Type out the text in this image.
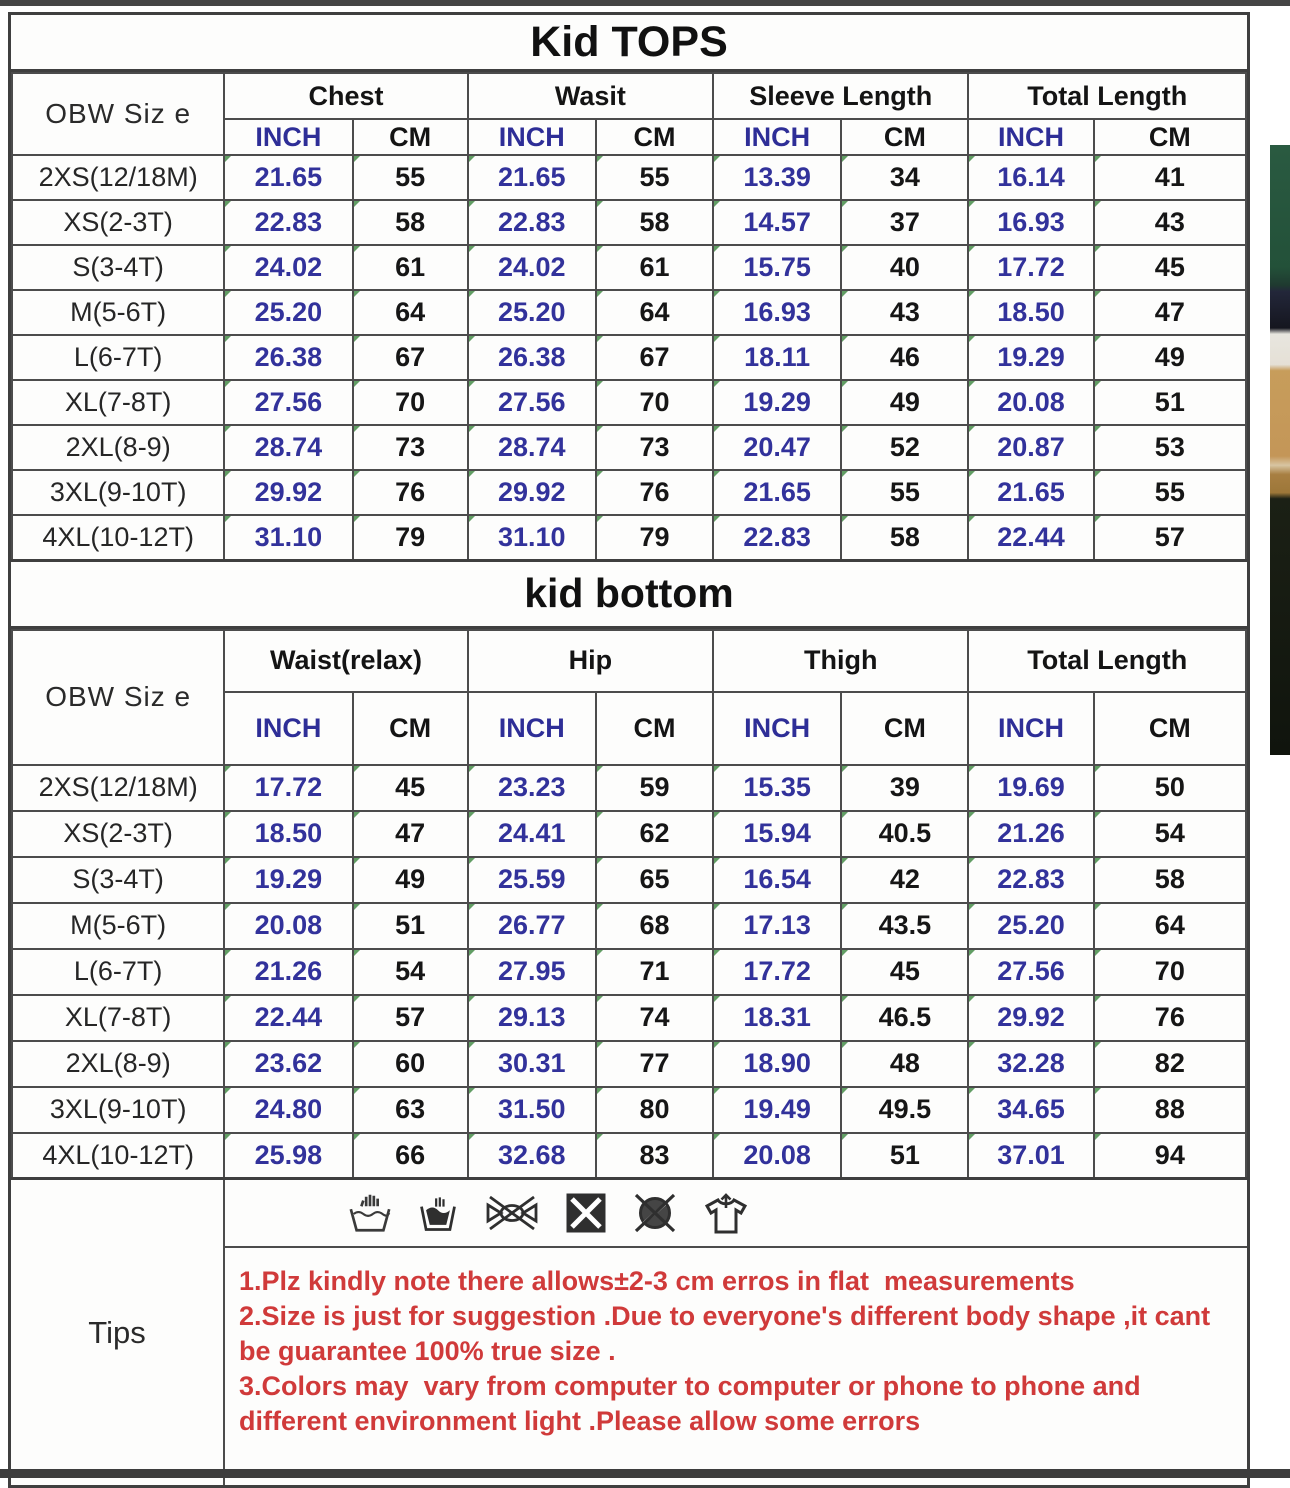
Kid TOPS
OBW Siz e	Chest		Wasit		Sleeve Length		Total Length	
	INCH	CM	INCH	CM	INCH	CM	INCH	CM
2XS(12/18M)	21.65	55	21.65	55	13.39	34	16.14	41
XS(2-3T)	22.83	58	22.83	58	14.57	37	16.93	43
S(3-4T)	24.02	61	24.02	61	15.75	40	17.72	45
M(5-6T)	25.20	64	25.20	64	16.93	43	18.50	47
L(6-7T)	26.38	67	26.38	67	18.11	46	19.29	49
XL(7-8T)	27.56	70	27.56	70	19.29	49	20.08	51
2XL(8-9)	28.74	73	28.74	73	20.47	52	20.87	53
3XL(9-10T)	29.92	76	29.92	76	21.65	55	21.65	55
4XL(10-12T)	31.10	79	31.10	79	22.83	58	22.44	57
kid bottom
OBW Siz e	Waist(relax)		Hip		Thigh		Total Length	
	INCH	CM	INCH	CM	INCH	CM	INCH	CM
2XS(12/18M)	17.72	45	23.23	59	15.35	39	19.69	50
XS(2-3T)	18.50	47	24.41	62	15.94	40.5	21.26	54
S(3-4T)	19.29	49	25.59	65	16.54	42	22.83	58
M(5-6T)	20.08	51	26.77	68	17.13	43.5	25.20	64
L(6-7T)	21.26	54	27.95	71	17.72	45	27.56	70
XL(7-8T)	22.44	57	29.13	74	18.31	46.5	29.92	76
2XL(8-9)	23.62	60	30.31	77	18.90	48	32.28	82
3XL(9-10T)	24.80	63	31.50	80	19.49	49.5	34.65	88
4XL(10-12T)	25.98	66	32.68	83	20.08	51	37.01	94
Tips

1.Plz kindly note there allows±2-3 cm erros in flat  measurements

2.Size is just for suggestion .Due to everyone's different body shape ,it cant be guarantee 100% true size .

3.Colors may  vary from computer to computer or phone to phone and different environment light .Please allow some errors
